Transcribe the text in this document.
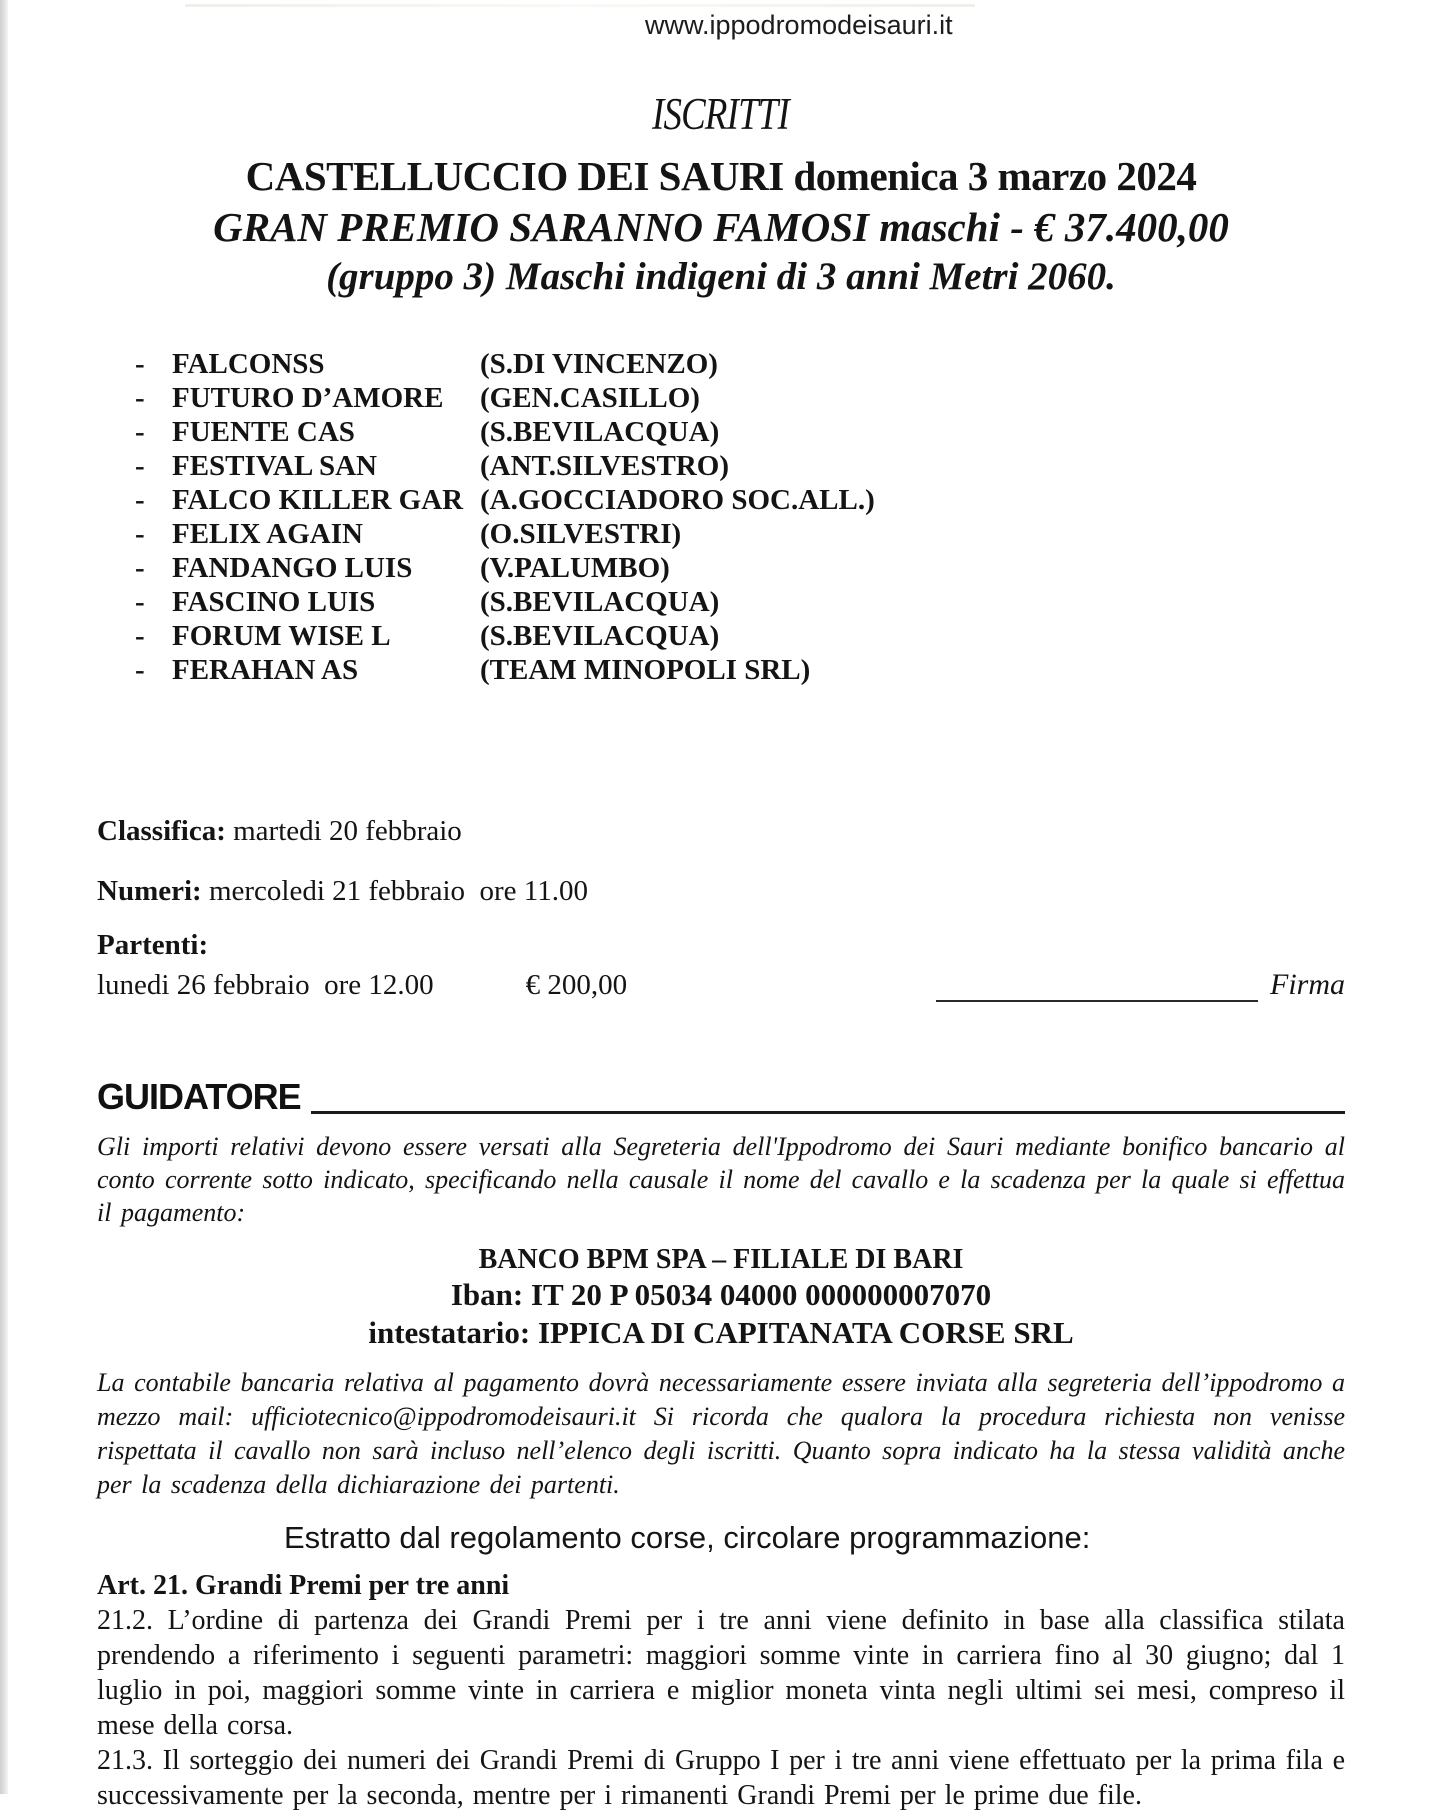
www.ippodromodeisauri.it
ISCRITTI
CASTELLUCCIO DEI SAURI domenica 3 marzo 2024
GRAN PREMIO SARANNO FAMOSI maschi - € 37.400,00
(gruppo 3) Maschi indigeni di 3 anni Metri 2060.
- FALCONSS	(S.DI VINCENZO)
- FUTURO D’AMORE	(GEN.CASILLO)
- FUENTE CAS	(S.BEVILACQUA)
- FESTIVAL SAN	(ANT.SILVESTRO)
- FALCO KILLER GAR (A.GOCCIADORO SOC.ALL.)
- FELIX AGAIN	(O.SILVESTRI)
- FANDANGO LUIS	(V.PALUMBO)
- FASCINO LUIS	(S.BEVILACQUA)
- FORUM WISE L	(S.BEVILACQUA)
- FERAHAN AS	(TEAM MINOPOLI SRL)
Classifica: martedi 20 febbraio
Numeri: mercoledi 21 febbraio  ore 11.00
Partenti:
lunedi 26 febbraio  ore 12.00	€ 200,00	Firma
GUIDATORE
Gli importi relativi devono essere versati alla Segreteria dell'Ippodromo dei Sauri mediante bonifico bancario al conto corrente sotto indicato, specificando nella causale il nome del cavallo e la scadenza per la quale si effettua il pagamento:
BANCO BPM SPA – FILIALE DI BARI
Iban: IT 20 P 05034 04000 000000007070
intestatario: IPPICA DI CAPITANATA CORSE SRL
La contabile bancaria relativa al pagamento dovrà necessariamente essere inviata alla segreteria dell’ippodromo a mezzo mail: ufficiotecnico@ippodromodeisauri.it Si ricorda che qualora la procedura richiesta non venisse rispettata il cavallo non sarà incluso nell’elenco degli iscritti. Quanto sopra indicato ha la stessa validità anche per la scadenza della dichiarazione dei partenti.
Estratto dal regolamento corse, circolare programmazione:
Art. 21. Grandi Premi per tre anni
21.2. L’ordine di partenza dei Grandi Premi per i tre anni viene definito in base alla classifica stilata prendendo a riferimento i seguenti parametri: maggiori somme vinte in carriera fino al 30 giugno; dal 1 luglio in poi, maggiori somme vinte in carriera e miglior moneta vinta negli ultimi sei mesi, compreso il mese della corsa.
21.3. Il sorteggio dei numeri dei Grandi Premi di Gruppo I per i tre anni viene effettuato per la prima fila e successivamente per la seconda, mentre per i rimanenti Grandi Premi per le prime due file.
